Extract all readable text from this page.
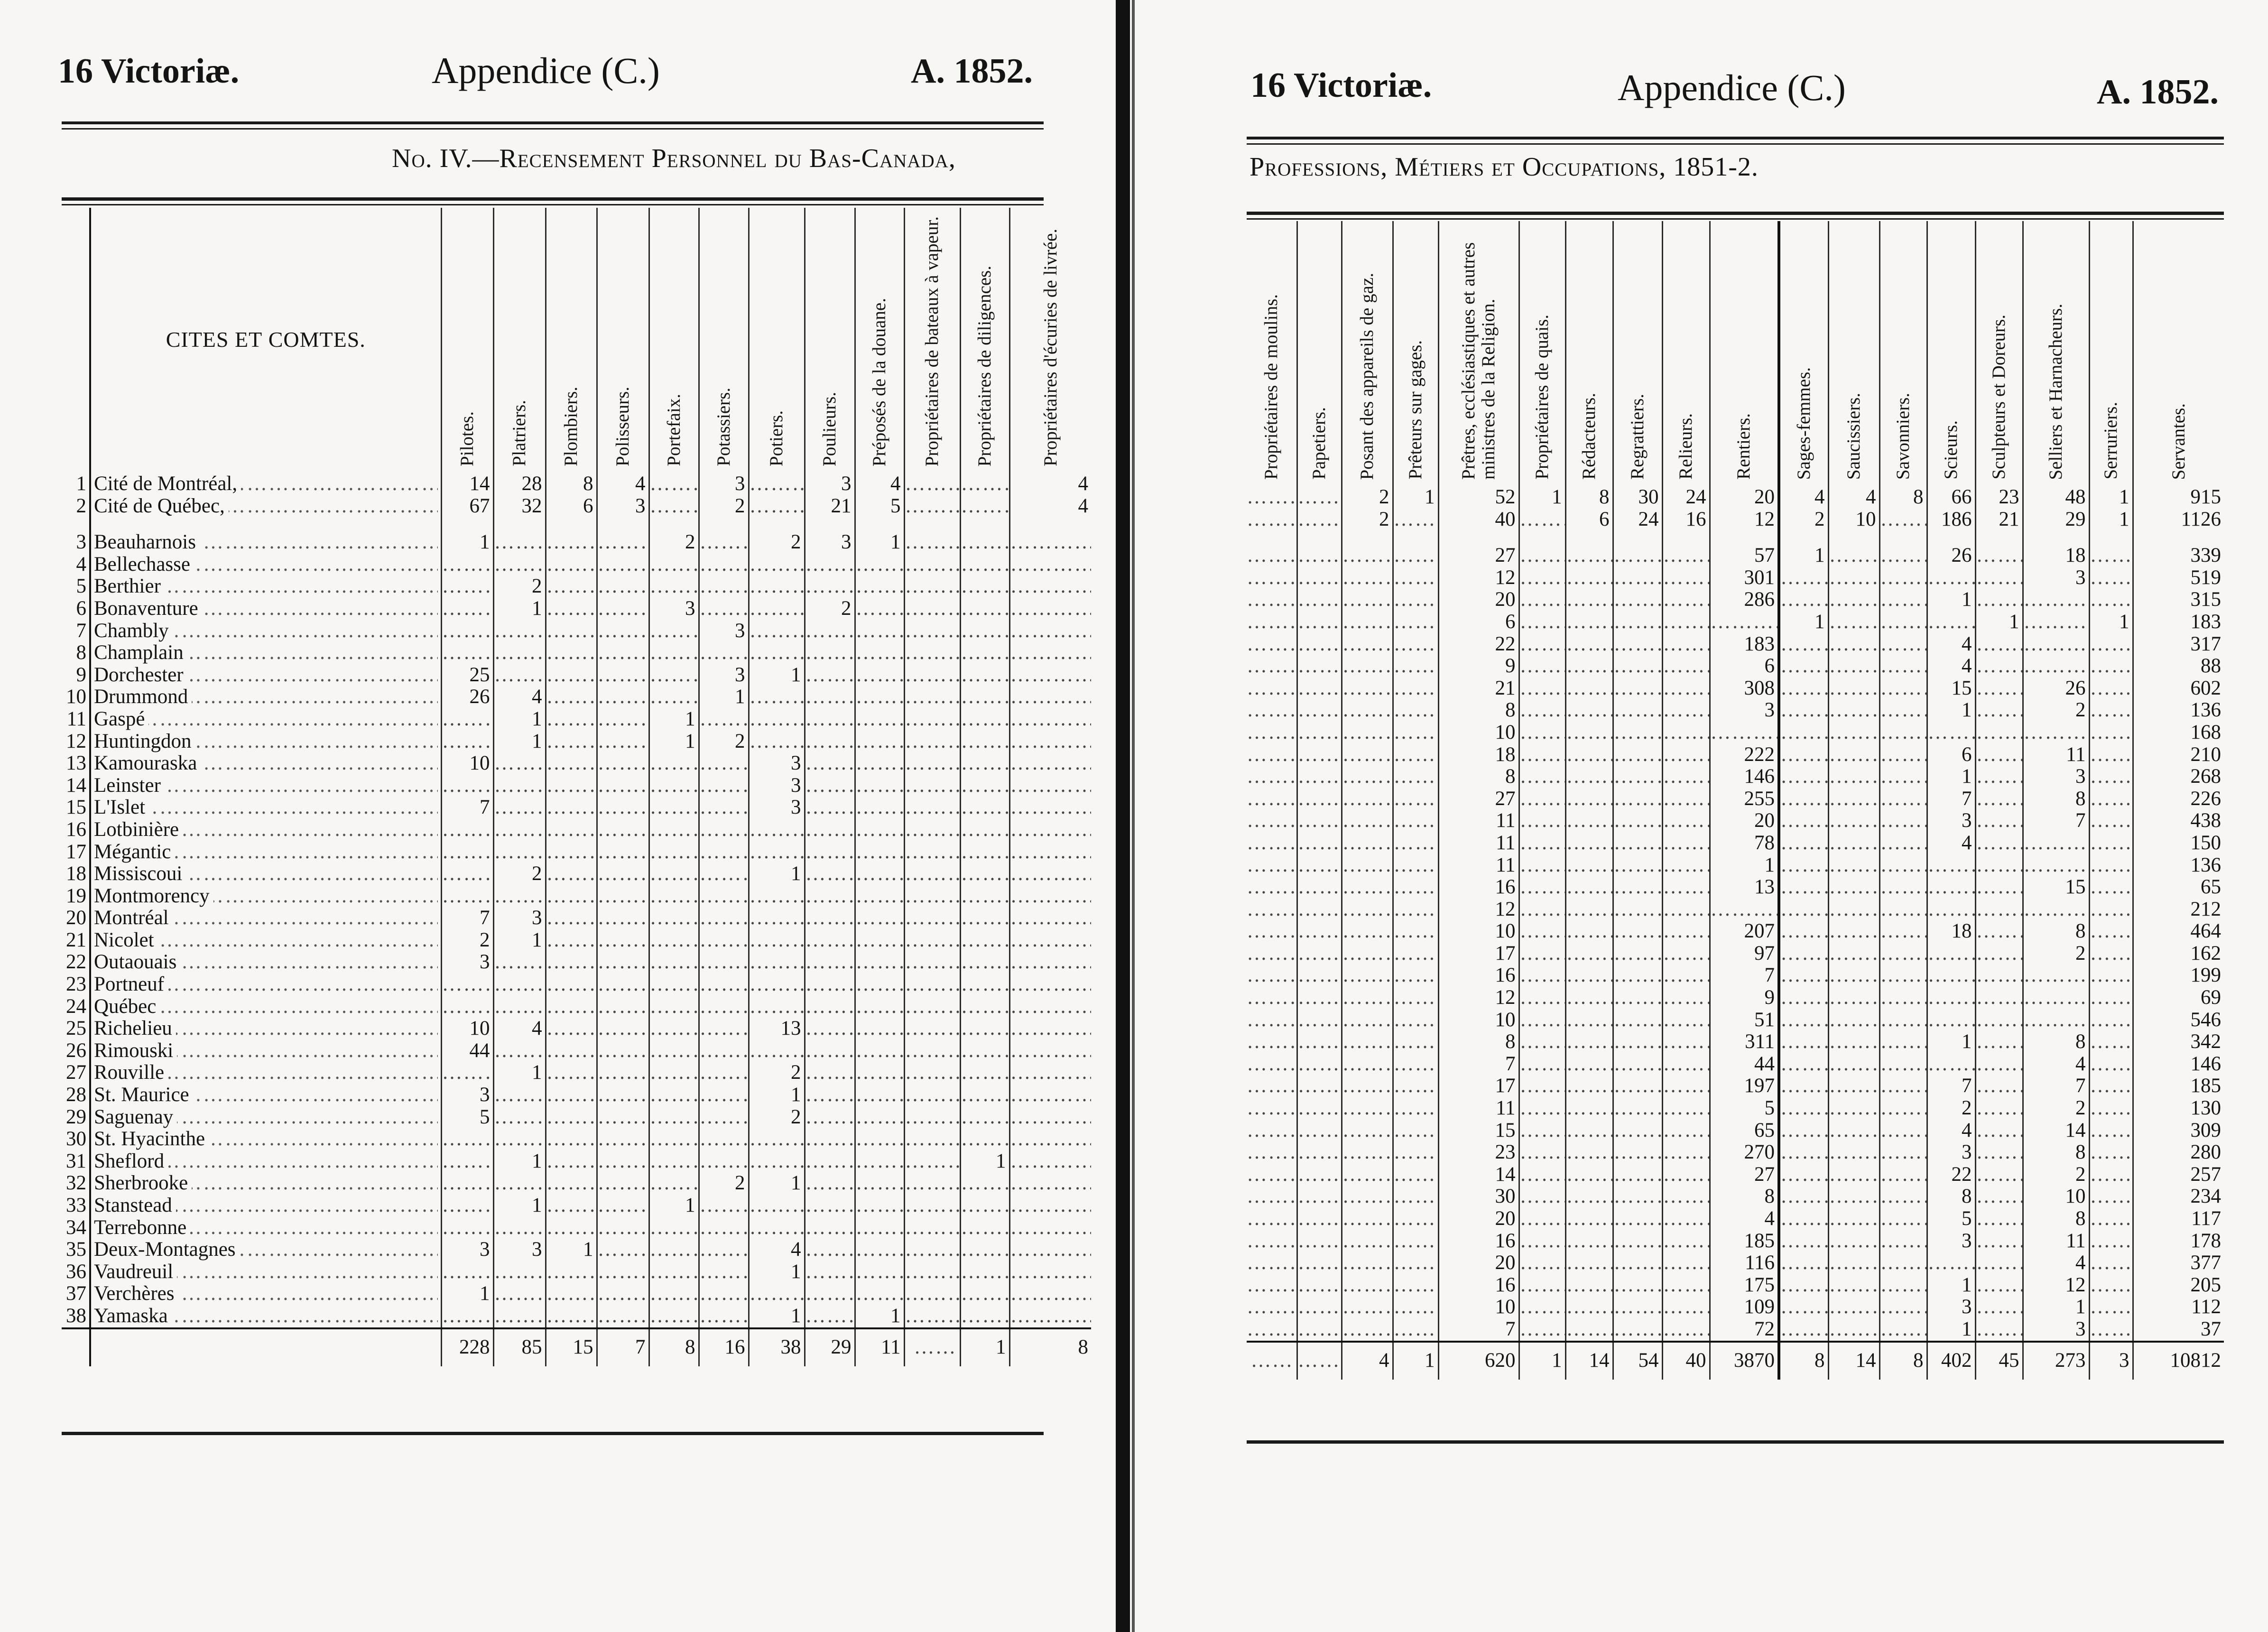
16 Victoriæ.	Appendice (C.)	A. 1852.
No. IV.—Recensement Personnel du Bas-Canada,
	CITES ET COMTES.	
Pilotes.	Platriers.	Plombiers.	Polisseurs.	Portefaix.	Potassiers.	Potiers.	Poulieurs.	Préposés de la douane.	Propriétaires de bateaux à vapeur.	Propriétaires de diligences.	Propriétaires d'écuries de livrée.

1	Cité de Montréal, ………………………………………………………………	14	28	8	4	…………	3	…………	3	4	…………	…………	4
2	Cité de Québec, ………………………………………………………………	67	32	6	3	…………	2	…………	21	5	…………	…………	4

3	Beauharnois ………………………………………………………………	1	…………	…………	…………	2	…………	2	3	1	…………	…………	…………
4	Bellechasse ………………………………………………………………	…………	…………	…………	…………	…………	…………	…………	…………	…………	…………	…………	…………
5	Berthier ………………………………………………………………	…………	2	…………	…………	…………	…………	…………	…………	…………	…………	…………	…………
6	Bonaventure ………………………………………………………………	…………	1	…………	…………	3	…………	…………	2	…………	…………	…………	…………
7	Chambly ………………………………………………………………	…………	…………	…………	…………	…………	3	…………	…………	…………	…………	…………	…………
8	Champlain ………………………………………………………………	…………	…………	…………	…………	…………	…………	…………	…………	…………	…………	…………	…………
9	Dorchester ………………………………………………………………	25	…………	…………	…………	…………	3	1	…………	…………	…………	…………	…………
10	Drummond ………………………………………………………………	26	4	…………	…………	…………	1	…………	…………	…………	…………	…………	…………
11	Gaspé ………………………………………………………………	…………	1	…………	…………	1	…………	…………	…………	…………	…………	…………	…………
12	Huntingdon ………………………………………………………………	…………	1	…………	…………	1	2	…………	…………	…………	…………	…………	…………
13	Kamouraska ………………………………………………………………	10	…………	…………	…………	…………	…………	3	…………	…………	…………	…………	…………
14	Leinster ………………………………………………………………	…………	…………	…………	…………	…………	…………	3	…………	…………	…………	…………	…………
15	L'Islet ………………………………………………………………	7	…………	…………	…………	…………	…………	3	…………	…………	…………	…………	…………
16	Lotbinière ………………………………………………………………	…………	…………	…………	…………	…………	…………	…………	…………	…………	…………	…………	…………
17	Mégantic ………………………………………………………………	…………	…………	…………	…………	…………	…………	…………	…………	…………	…………	…………	…………
18	Missiscoui ………………………………………………………………	…………	2	…………	…………	…………	…………	1	…………	…………	…………	…………	…………
19	Montmorency ………………………………………………………………	…………	…………	…………	…………	…………	…………	…………	…………	…………	…………	…………	…………
20	Montréal ………………………………………………………………	7	3	…………	…………	…………	…………	…………	…………	…………	…………	…………	…………
21	Nicolet ………………………………………………………………	2	1	…………	…………	…………	…………	…………	…………	…………	…………	…………	…………
22	Outaouais ………………………………………………………………	3	…………	…………	…………	…………	…………	…………	…………	…………	…………	…………	…………
23	Portneuf ………………………………………………………………	…………	…………	…………	…………	…………	…………	…………	…………	…………	…………	…………	…………
24	Québec ………………………………………………………………	…………	…………	…………	…………	…………	…………	…………	…………	…………	…………	…………	…………
25	Richelieu ………………………………………………………………	10	4	…………	…………	…………	…………	13	…………	…………	…………	…………	…………
26	Rimouski ………………………………………………………………	44	…………	…………	…………	…………	…………	…………	…………	…………	…………	…………	…………
27	Rouville ………………………………………………………………	…………	1	…………	…………	…………	…………	2	…………	…………	…………	…………	…………
28	St. Maurice ………………………………………………………………	3	…………	…………	…………	…………	…………	1	…………	…………	…………	…………	…………
29	Saguenay ………………………………………………………………	5	…………	…………	…………	…………	…………	2	…………	…………	…………	…………	…………
30	St. Hyacinthe ………………………………………………………………	…………	…………	…………	…………	…………	…………	…………	…………	…………	…………	…………	…………
31	Sheflord ………………………………………………………………	…………	1	…………	…………	…………	…………	…………	…………	…………	…………	1	…………
32	Sherbrooke ………………………………………………………………	…………	…………	…………	…………	…………	2	1	…………	…………	…………	…………	…………
33	Stanstead ………………………………………………………………	…………	1	…………	…………	1	…………	…………	…………	…………	…………	…………	…………
34	Terrebonne ………………………………………………………………	…………	…………	…………	…………	…………	…………	…………	…………	…………	…………	…………	…………
35	Deux-Montagnes ………………………………………………………………	3	3	1	…………	…………	…………	4	…………	…………	…………	…………	…………
36	Vaudreuil ………………………………………………………………	…………	…………	…………	…………	…………	…………	1	…………	…………	…………	…………	…………
37	Verchères ………………………………………………………………	1	…………	…………	…………	…………	…………	…………	…………	…………	…………	…………	…………
38	Yamaska ………………………………………………………………	…………	…………	…………	…………	…………	…………	1	…………	1	…………	…………	…………
		228	85	15	7	8	16	38	29	11	……	1	8
16 Victoriæ.	Appendice (C.)	A. 1852.
Professions, Métiers et Occupations, 1851-2.
Propriétaires de moulins.	Papetiers.	Posant des appareils de gaz.	Prêteurs sur gages.	Prêtres, ecclésiastiques et autres ministres de la Religion.	Propriétaires de quais.	Rédacteurs.	Regrattiers.	Relieurs.	Rentiers.	Sages-femmes.	Saucissiers.	Savonniers.	Scieurs.	Sculpteurs et Doreurs.	Selliers et Harnacheurs.	Serruriers.	Servantes.

…………	…………	2	1	52	1	8	30	24	20	4	4	8	66	23	48	1	915
…………	…………	2	…………	40	…………	6	24	16	12	2	10	…………	186	21	29	1	1126

…………	…………	…………	…………	27	…………	…………	…………	…………	57	1	…………	…………	26	…………	18	…………	339
…………	…………	…………	…………	12	…………	…………	…………	…………	301	…………	…………	…………	…………	…………	3	…………	519
…………	…………	…………	…………	20	…………	…………	…………	…………	286	…………	…………	…………	1	…………	…………	…………	315
…………	…………	…………	…………	6	…………	…………	…………	…………	…………	1	…………	…………	…………	1	…………	1	183
…………	…………	…………	…………	22	…………	…………	…………	…………	183	…………	…………	…………	4	…………	…………	…………	317
…………	…………	…………	…………	9	…………	…………	…………	…………	6	…………	…………	…………	4	…………	…………	…………	88
…………	…………	…………	…………	21	…………	…………	…………	…………	308	…………	…………	…………	15	…………	26	…………	602
…………	…………	…………	…………	8	…………	…………	…………	…………	3	…………	…………	…………	1	…………	2	…………	136
…………	…………	…………	…………	10	…………	…………	…………	…………	…………	…………	…………	…………	…………	…………	…………	…………	168
…………	…………	…………	…………	18	…………	…………	…………	…………	222	…………	…………	…………	6	…………	11	…………	210
…………	…………	…………	…………	8	…………	…………	…………	…………	146	…………	…………	…………	1	…………	3	…………	268
…………	…………	…………	…………	27	…………	…………	…………	…………	255	…………	…………	…………	7	…………	8	…………	226
…………	…………	…………	…………	11	…………	…………	…………	…………	20	…………	…………	…………	3	…………	7	…………	438
…………	…………	…………	…………	11	…………	…………	…………	…………	78	…………	…………	…………	4	…………	…………	…………	150
…………	…………	…………	…………	11	…………	…………	…………	…………	1	…………	…………	…………	…………	…………	…………	…………	136
…………	…………	…………	…………	16	…………	…………	…………	…………	13	…………	…………	…………	…………	…………	15	…………	65
…………	…………	…………	…………	12	…………	…………	…………	…………	…………	…………	…………	…………	…………	…………	…………	…………	212
…………	…………	…………	…………	10	…………	…………	…………	…………	207	…………	…………	…………	18	…………	8	…………	464
…………	…………	…………	…………	17	…………	…………	…………	…………	97	…………	…………	…………	…………	…………	2	…………	162
…………	…………	…………	…………	16	…………	…………	…………	…………	7	…………	…………	…………	…………	…………	…………	…………	199
…………	…………	…………	…………	12	…………	…………	…………	…………	9	…………	…………	…………	…………	…………	…………	…………	69
…………	…………	…………	…………	10	…………	…………	…………	…………	51	…………	…………	…………	…………	…………	…………	…………	546
…………	…………	…………	…………	8	…………	…………	…………	…………	311	…………	…………	…………	1	…………	8	…………	342
…………	…………	…………	…………	7	…………	…………	…………	…………	44	…………	…………	…………	…………	…………	4	…………	146
…………	…………	…………	…………	17	…………	…………	…………	…………	197	…………	…………	…………	7	…………	7	…………	185
…………	…………	…………	…………	11	…………	…………	…………	…………	5	…………	…………	…………	2	…………	2	…………	130
…………	…………	…………	…………	15	…………	…………	…………	…………	65	…………	…………	…………	4	…………	14	…………	309
…………	…………	…………	…………	23	…………	…………	…………	…………	270	…………	…………	…………	3	…………	8	…………	280
…………	…………	…………	…………	14	…………	…………	…………	…………	27	…………	…………	…………	22	…………	2	…………	257
…………	…………	…………	…………	30	…………	…………	…………	…………	8	…………	…………	…………	8	…………	10	…………	234
…………	…………	…………	…………	20	…………	…………	…………	…………	4	…………	…………	…………	5	…………	8	…………	117
…………	…………	…………	…………	16	…………	…………	…………	…………	185	…………	…………	…………	3	…………	11	…………	178
…………	…………	…………	…………	20	…………	…………	…………	…………	116	…………	…………	…………	…………	…………	4	…………	377
…………	…………	…………	…………	16	…………	…………	…………	…………	175	…………	…………	…………	1	…………	12	…………	205
…………	…………	…………	…………	10	…………	…………	…………	…………	109	…………	…………	…………	3	…………	1	…………	112
…………	…………	…………	…………	7	…………	…………	…………	…………	72	…………	…………	…………	1	…………	3	…………	37
……	……	4	1	620	1	14	54	40	3870	8	14	8	402	45	273	3	10812
